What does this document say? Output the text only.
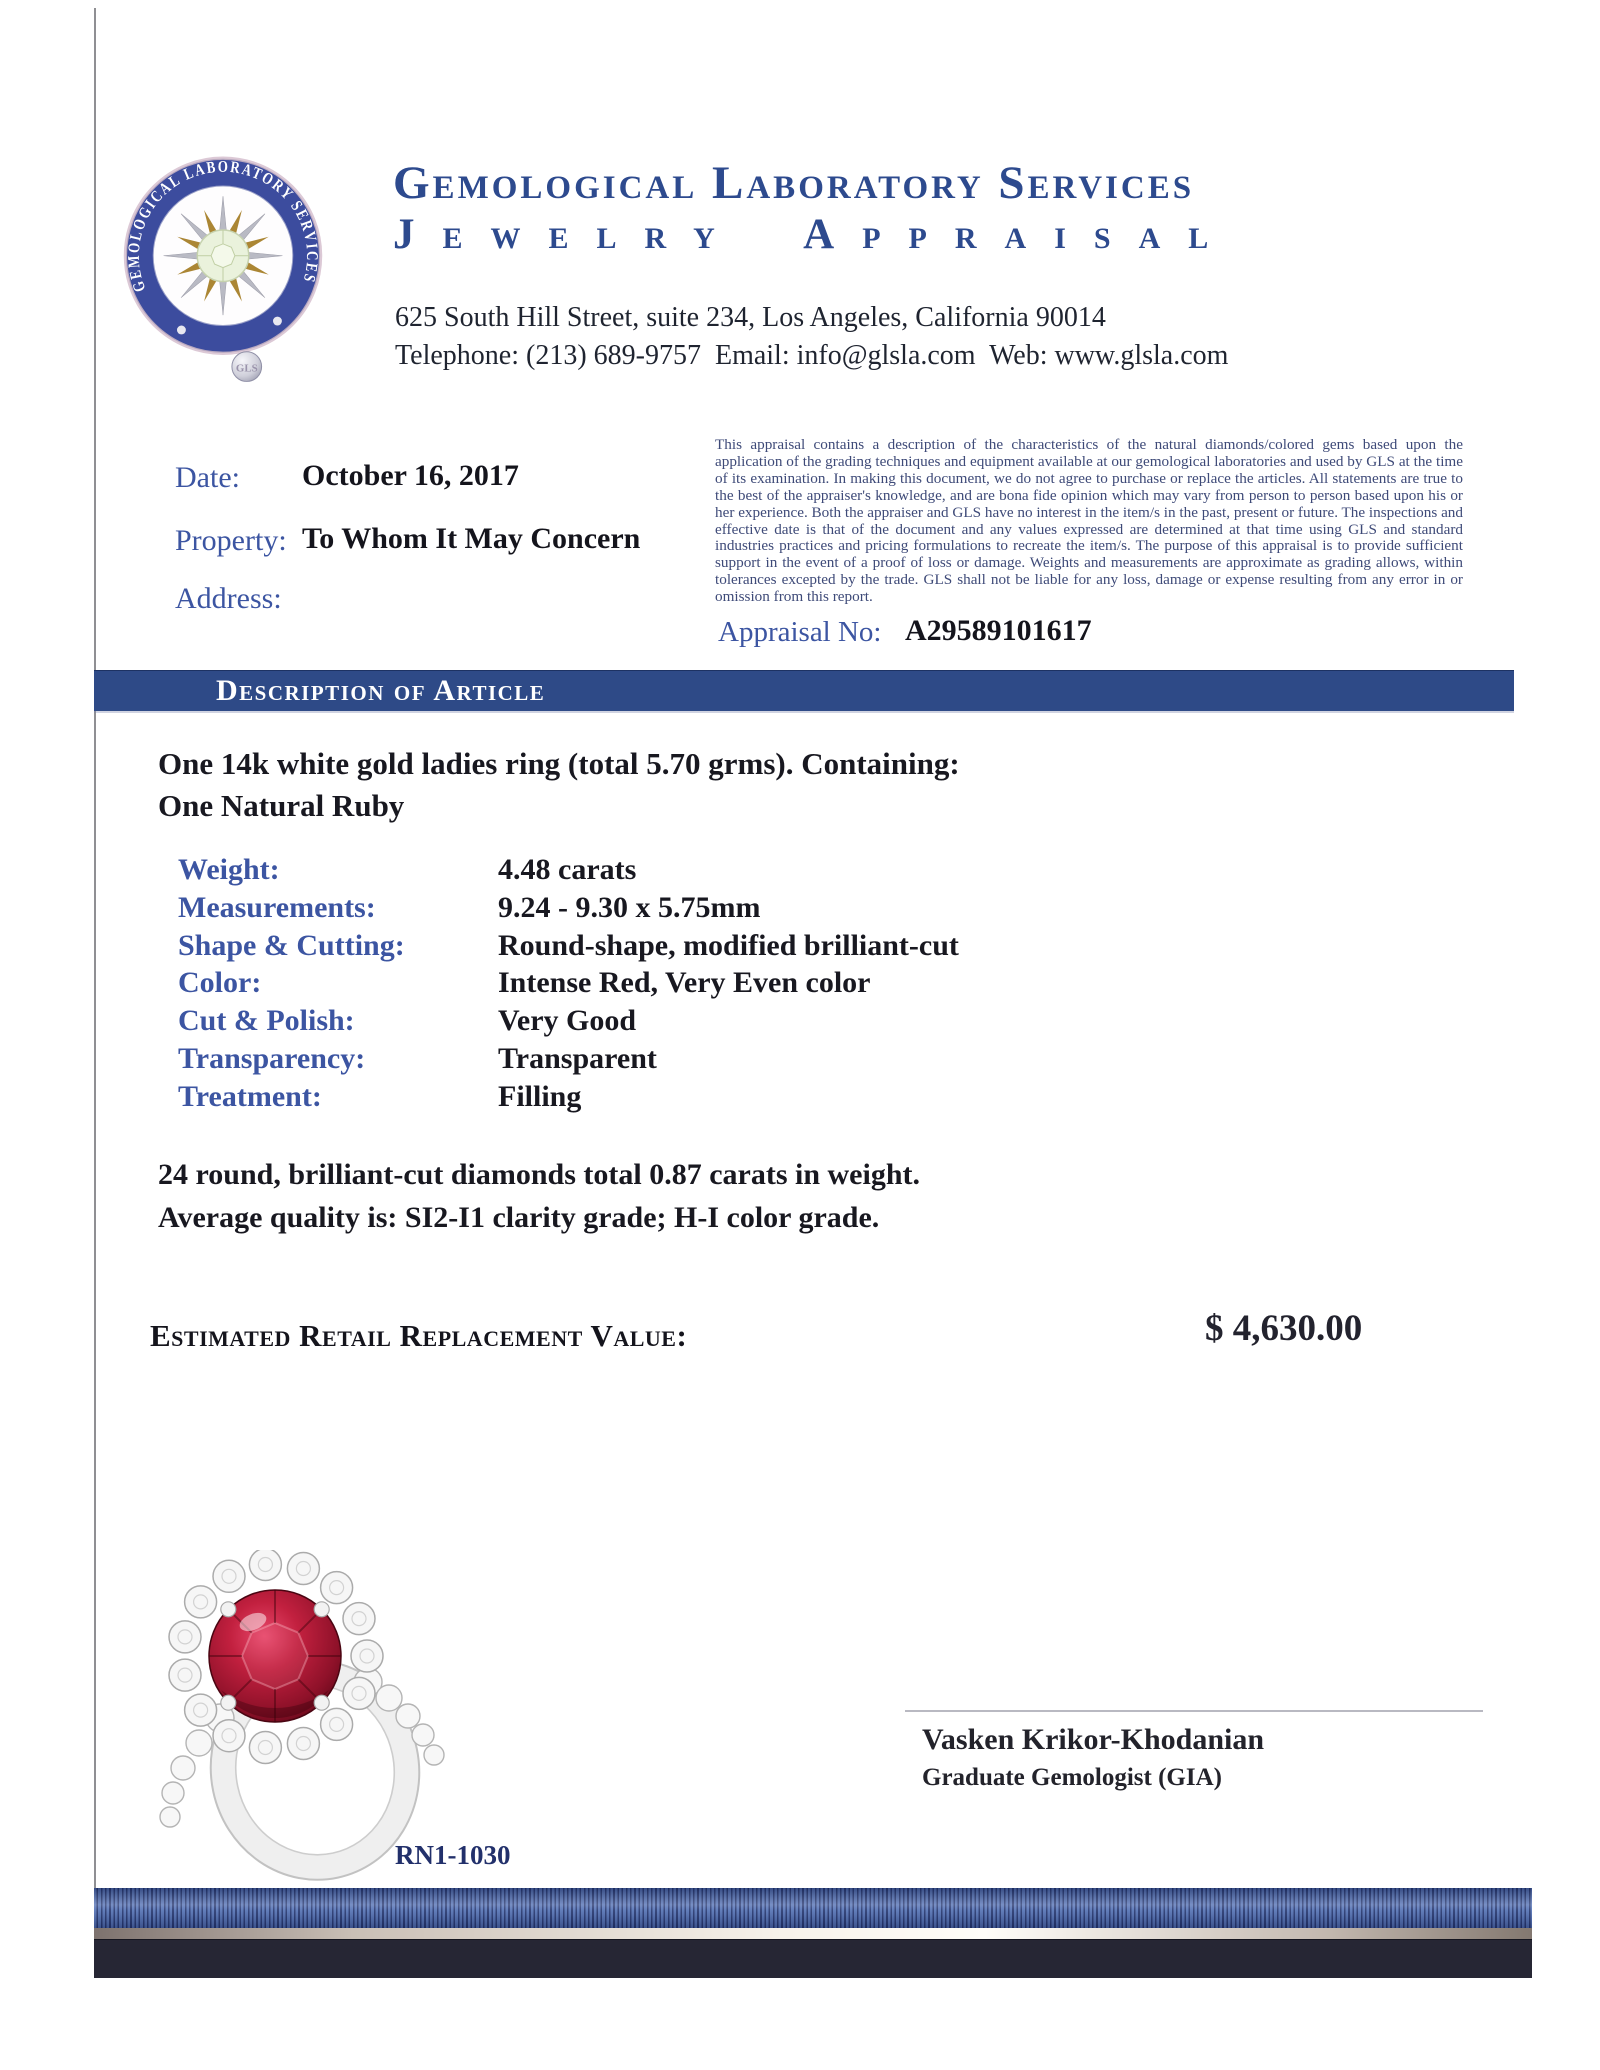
GEMOLOGICAL LABORATORY SERVICES
GLS
Gemological Laboratory Services
Jewelry Appraisal
625 South Hill Street, suite 234, Los Angeles, California 90014
Telephone: (213) 689-9757  Email: info@glsla.com  Web: www.glsla.com
Date: October 16, 2017
Property: To Whom It May Concern
Address:
This appraisal contains a description of the characteristics of the natural diamonds/colored gems based upon the application of the grading techniques and equipment available at our gemological laboratories and used by GLS at the time of its examination. In making this document, we do not agree to purchase or replace the articles. All statements are true to the best of the appraiser's knowledge, and are bona fide opinion which may vary from person to person based upon his or her experience. Both the appraiser and GLS have no interest in the item/s in the past, present or future. The inspections and effective date is that of the document and any values expressed are determined at that time using GLS and standard industries practices and pricing formulations to recreate the item/s. The purpose of this appraisal is to provide sufficient support in the event of a proof of loss or damage. Weights and measurements are approximate as grading allows, within tolerances excepted by the trade. GLS shall not be liable for any loss, damage or expense resulting from any error in or omission from this report.
Appraisal No: A29589101617
Description of Article
One 14k white gold ladies ring (total 5.70 grms). Containing:
One Natural Ruby
Weight:	4.48 carats
Measurements:	9.24 - 9.30 x 5.75mm
Shape & Cutting:	Round-shape, modified brilliant-cut
Color:	Intense Red, Very Even color
Cut & Polish:	Very Good
Transparency:	Transparent
Treatment:	Filling
24 round, brilliant-cut diamonds total 0.87 carats in weight.
Average quality is: SI2-I1 clarity grade; H-I color grade.
Estimated Retail Replacement Value:	$ 4,630.00
RN1-1030
Vasken Krikor-Khodanian
Graduate Gemologist (GIA)
